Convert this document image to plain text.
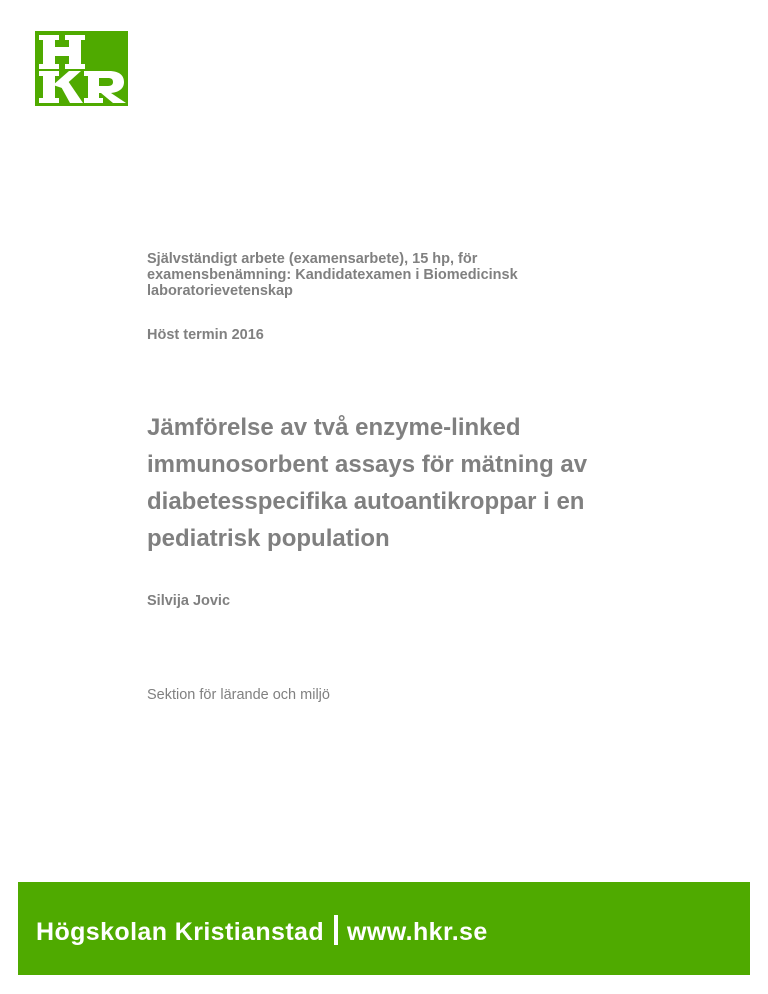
Självständigt arbete (examensarbete), 15 hp, för
examensbenämning: Kandidatexamen i Biomedicinsk
laboratorievetenskap
Höst termin 2016
Jämförelse av två enzyme-linked
immunosorbent assays för mätning av
diabetesspecifika autoantikroppar i en
pediatrisk population
Silvija Jovic
Sektion för lärande och miljö
Högskolan Kristianstad www.hkr.se
